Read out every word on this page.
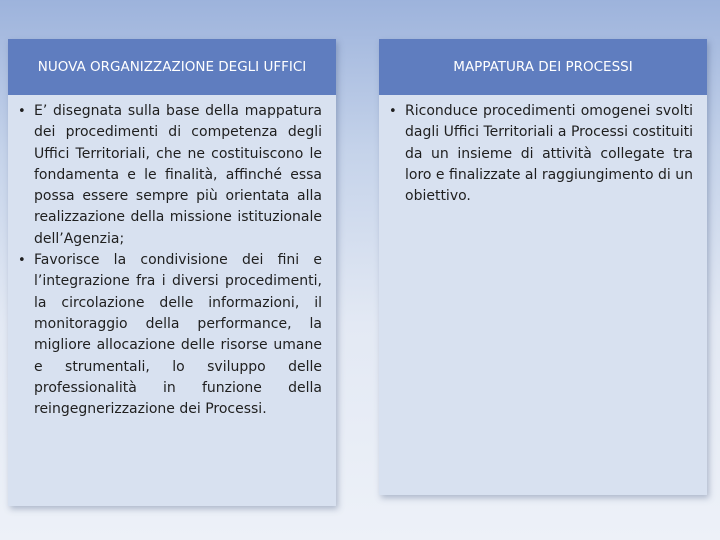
NUOVA ORGANIZZAZIONE DEGLI UFFICI
• E’ disegnata sulla base della mappatura dei procedimenti di competenza degli Uffici Territoriali, che ne costituiscono le fondamenta e le finalità, affinché essa possa essere sempre più orientata alla realizzazione della missione istituzionale dell’Agenzia;
• Favorisce la condivisione dei fini e l’integrazione fra i diversi procedimenti, la circolazione delle informazioni, il monitoraggio della performance, la migliore allocazione delle risorse umane e strumentali, lo sviluppo delle professionalità in funzione della reingegnerizzazione dei Processi.
MAPPATURA DEI PROCESSI
• Riconduce procedimenti omogenei svolti dagli Uffici Territoriali a Processi costituiti da un insieme di attività collegate tra loro e finalizzate al raggiungimento di un obiettivo.
